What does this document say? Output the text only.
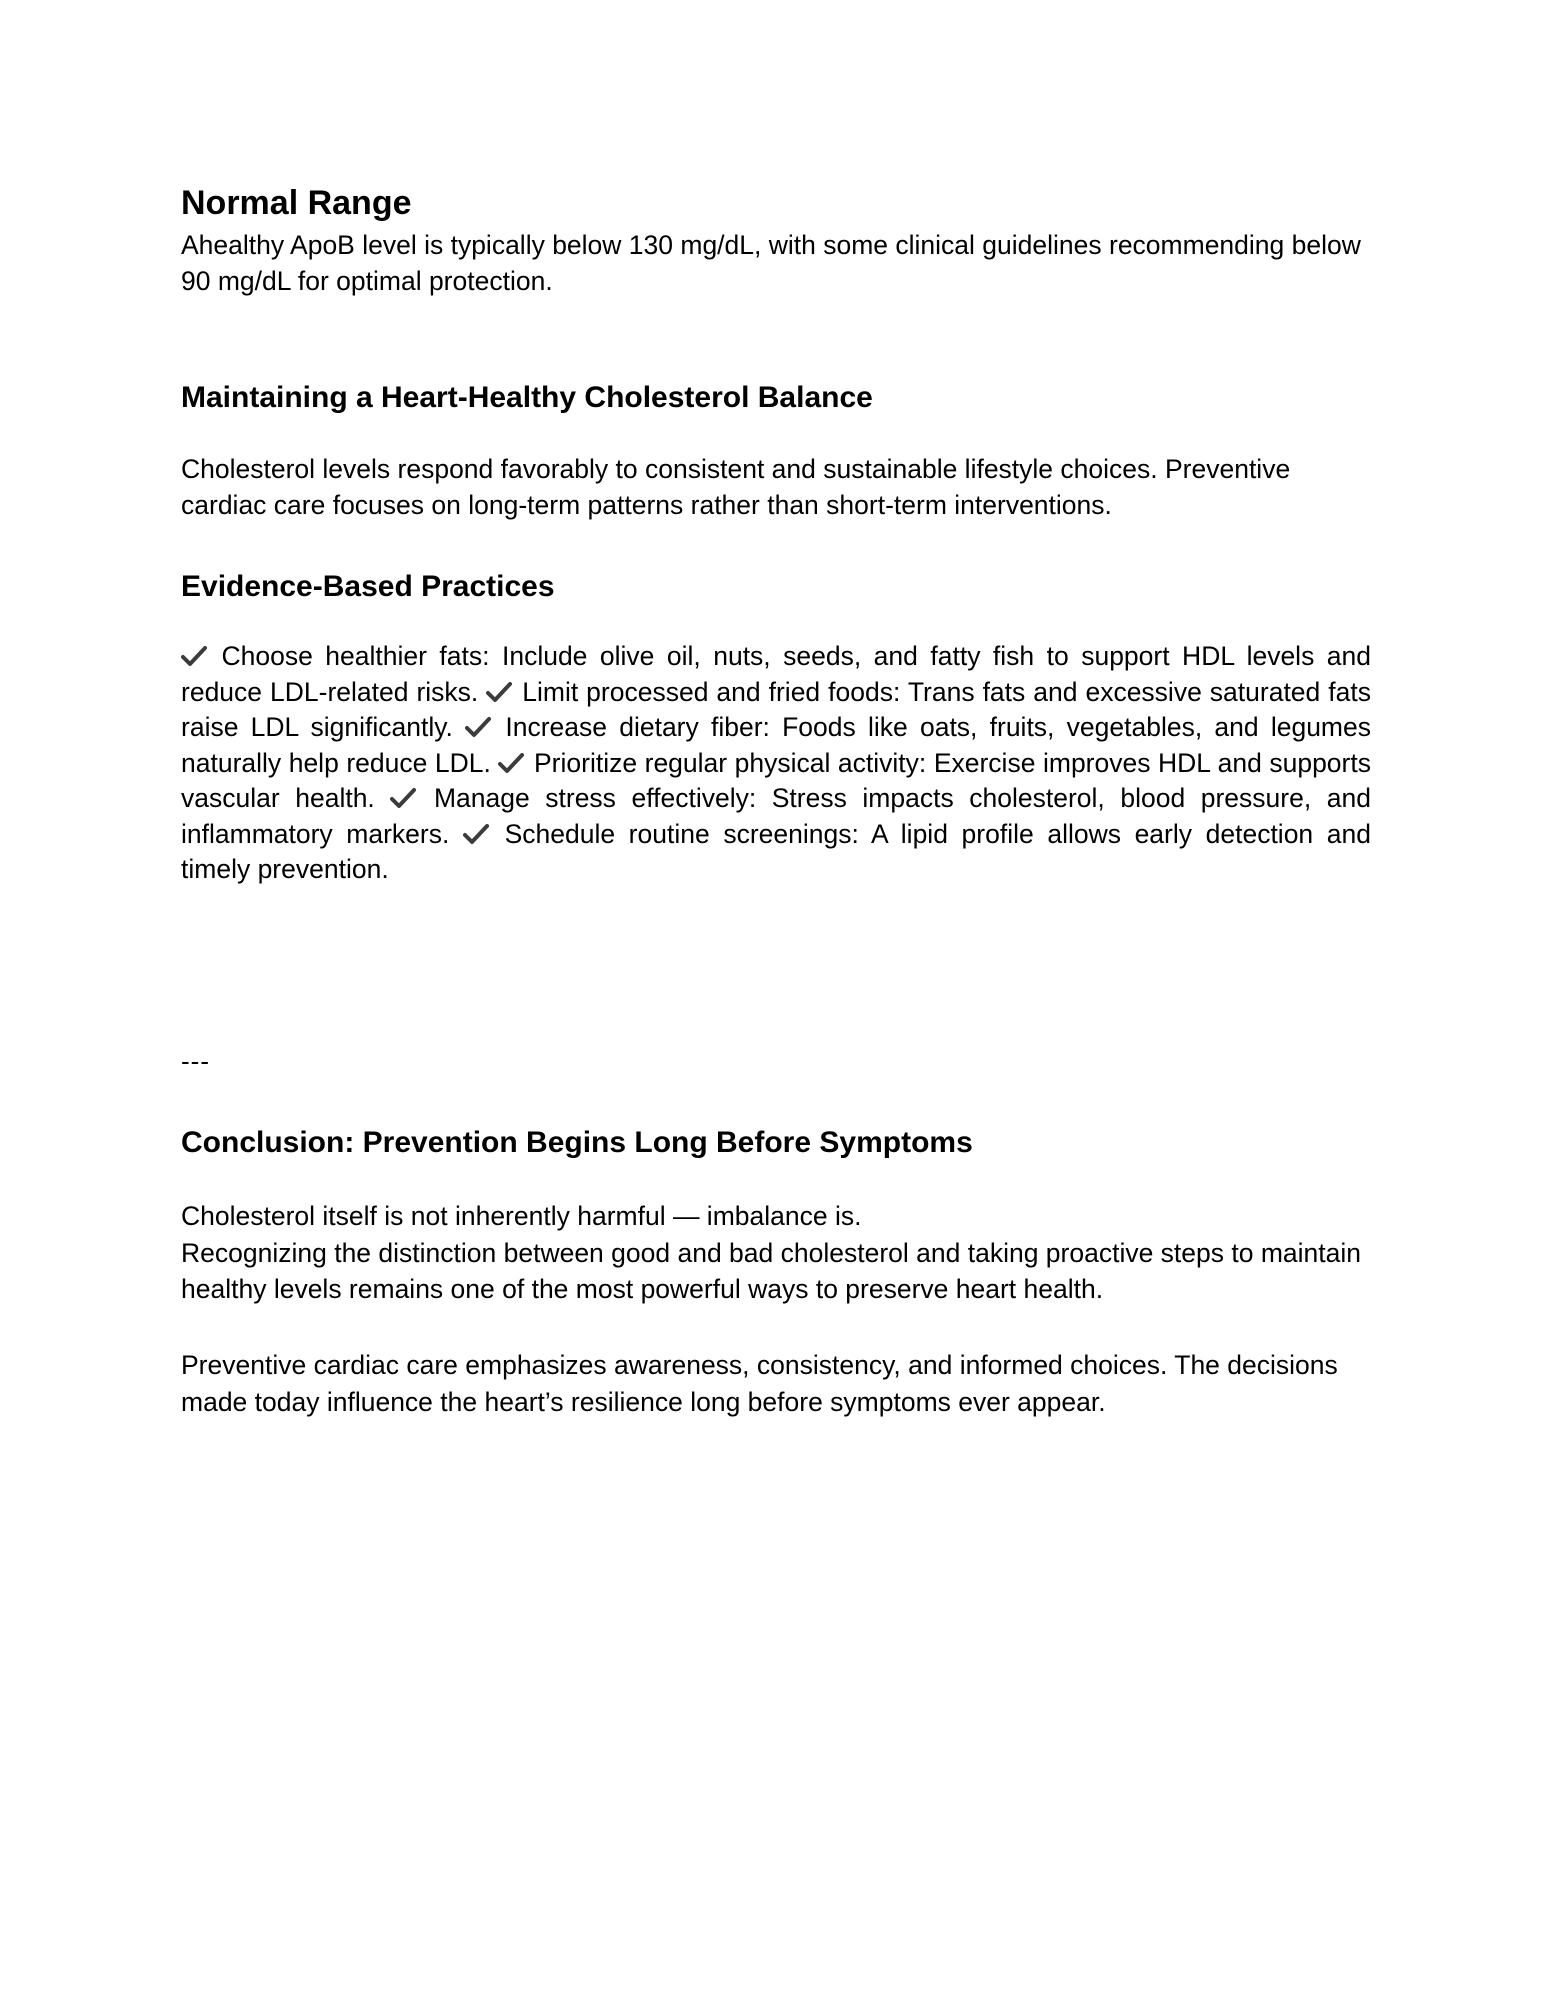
Normal Range

Ahealthy ApoB level is typically below 130 mg/dL, with some clinical guidelines recommending below 90 mg/dL for optimal protection.

Maintaining a Heart-Healthy Cholesterol Balance

Cholesterol levels respond favorably to consistent and sustainable lifestyle choices. Preventive cardiac care focuses on long-term patterns rather than short-term interventions.

Evidence-Based Practices

Choose healthier fats: Include olive oil, nuts, seeds, and fatty fish to support HDL levels and reduce LDL-related risks. Limit processed and fried foods: Trans fats and excessive saturated fats raise LDL significantly. Increase dietary fiber: Foods like oats, fruits, vegetables, and legumes naturally help reduce LDL. Prioritize regular physical activity: Exercise improves HDL and supports vascular health. Manage stress effectively: Stress impacts cholesterol, blood pressure, and inflammatory markers. Schedule routine screenings: A lipid profile allows early detection and timely prevention.

---

Conclusion: Prevention Begins Long Before Symptoms

Cholesterol itself is not inherently harmful — imbalance is.
Recognizing the distinction between good and bad cholesterol and taking proactive steps to maintain healthy levels remains one of the most powerful ways to preserve heart health.

Preventive cardiac care emphasizes awareness, consistency, and informed choices. The decisions made today influence the heart’s resilience long before symptoms ever appear.
